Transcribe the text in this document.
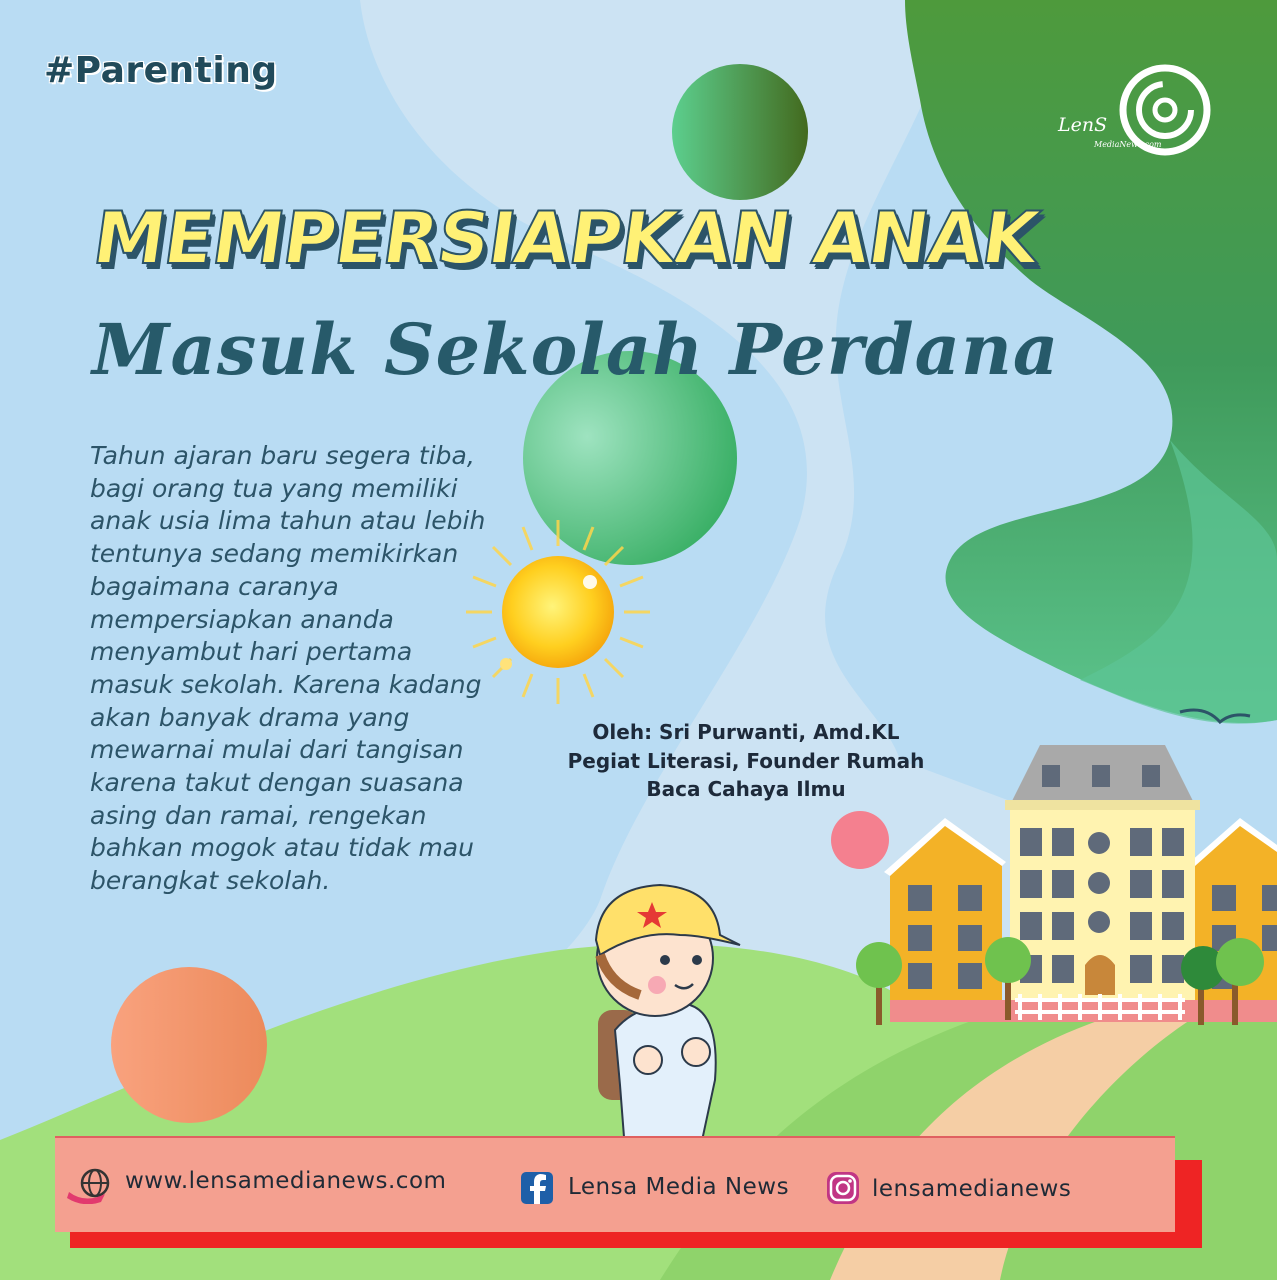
#Parenting
LenS
MediaNews.com
MEMPERSIAPKAN ANAK
Masuk Sekolah Perdana
Tahun ajaran baru segera tiba, bagi orang tua yang memiliki anak usia lima tahun atau lebih tentunya sedang memikirkan bagaimana caranya mempersiapkan ananda menyambut hari pertama masuk sekolah. Karena kadang akan banyak drama yang mewarnai mulai dari tangisan karena takut dengan suasana asing dan ramai, rengekan bahkan mogok atau tidak mau berangkat sekolah.
Oleh: Sri Purwanti, Amd.KL
Pegiat Literasi, Founder Rumah
Baca Cahaya Ilmu
www.lensamedianews.com	Lensa Media News	lensamedianews
